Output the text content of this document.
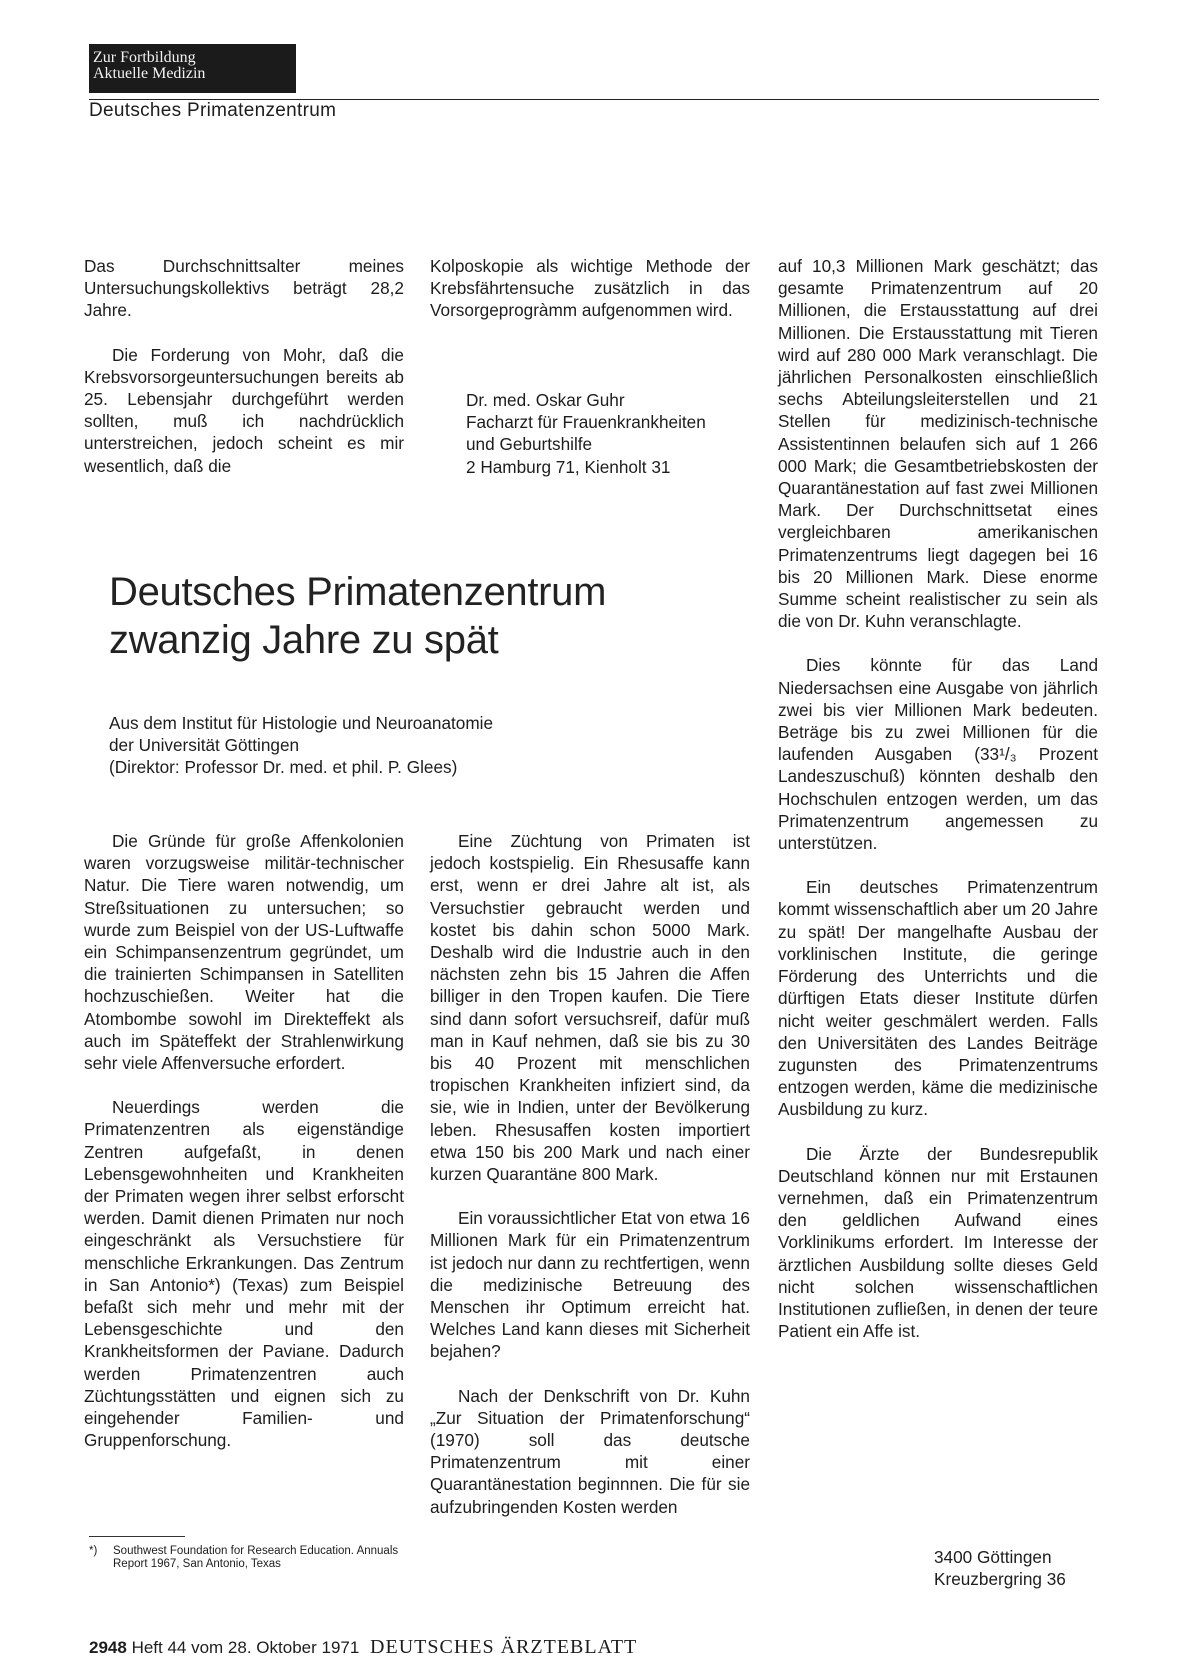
Zur Fortbildung
Aktuelle Medizin
Deutsches Primatenzentrum

Das Durchschnittsalter meines Untersuchungskollektivs beträgt 28,2 Jahre.

Die Forderung von Mohr, daß die Krebsvorsorgeuntersuchungen bereits ab 25. Lebensjahr durchgeführt werden sollten, muß ich nachdrücklich unterstreichen, jedoch scheint es mir wesentlich, daß die

Kolposkopie als wichtige Methode der Krebsfährtensuche zusätzlich in das Vorsorgeprogràmm aufgenommen wird.

Dr. med. Oskar Guhr
Facharzt für Frauenkrankheiten
und Geburtshilfe
2 Hamburg 71, Kienholt 31
Deutsches Primatenzentrum
zwanzig Jahre zu spät
Aus dem Institut für Histologie und Neuroanatomie
der Universität Göttingen
(Direktor: Professor Dr. med. et phil. P. Glees)

Die Gründe für große Affenkolonien waren vorzugsweise militär-technischer Natur. Die Tiere waren notwendig, um Streßsituationen zu untersuchen; so wurde zum Beispiel von der US-Luftwaffe ein Schimpansenzentrum gegründet, um die trainierten Schimpansen in Satelliten hochzuschießen. Weiter hat die Atombombe sowohl im Direkteffekt als auch im Späteffekt der Strahlenwirkung sehr viele Affenversuche erfordert.

Neuerdings werden die Primatenzentren als eigenständige Zentren aufgefaßt, in denen Lebensgewohnheiten und Krankheiten der Primaten wegen ihrer selbst erforscht werden. Damit dienen Primaten nur noch eingeschränkt als Versuchstiere für menschliche Erkrankungen. Das Zentrum in San Antonio*) (Texas) zum Beispiel befaßt sich mehr und mehr mit der Lebensgeschichte und den Krankheitsformen der Paviane. Dadurch werden Primatenzentren auch Züchtungsstätten und eignen sich zu eingehender Familien- und Gruppenforschung.

Eine Züchtung von Primaten ist jedoch kostspielig. Ein Rhesusaffe kann erst, wenn er drei Jahre alt ist, als Versuchstier gebraucht werden und kostet bis dahin schon 5000 Mark. Deshalb wird die Industrie auch in den nächsten zehn bis 15 Jahren die Affen billiger in den Tropen kaufen. Die Tiere sind dann sofort versuchsreif, dafür muß man in Kauf nehmen, daß sie bis zu 30 bis 40 Prozent mit menschlichen tropischen Krankheiten infiziert sind, da sie, wie in Indien, unter der Bevölkerung leben. Rhesusaffen kosten importiert etwa 150 bis 200 Mark und nach einer kurzen Quarantäne 800 Mark.

Ein voraussichtlicher Etat von etwa 16 Millionen Mark für ein Primatenzentrum ist jedoch nur dann zu rechtfertigen, wenn die medizinische Betreuung des Menschen ihr Optimum erreicht hat. Welches Land kann dieses mit Sicherheit bejahen?

Nach der Denkschrift von Dr. Kuhn „Zur Situation der Primatenforschung“ (1970) soll das deutsche Primatenzentrum mit einer Quarantänestation beginnnen. Die für sie aufzubringenden Kosten werden

auf 10,3 Millionen Mark geschätzt; das gesamte Primatenzentrum auf 20 Millionen, die Erstausstattung auf drei Millionen. Die Erstausstattung mit Tieren wird auf 280 000 Mark veranschlagt. Die jährlichen Personalkosten einschließlich sechs Abteilungsleiterstellen und 21 Stellen für medizinisch-technische Assistentinnen belaufen sich auf 1 266 000 Mark; die Gesamtbetriebskosten der Quarantänestation auf fast zwei Millionen Mark. Der Durchschnittsetat eines vergleichbaren amerikanischen Primatenzentrums liegt dagegen bei 16 bis 20 Millionen Mark. Diese enorme Summe scheint realistischer zu sein als die von Dr. Kuhn veranschlagte.

Dies könnte für das Land Niedersachsen eine Ausgabe von jährlich zwei bis vier Millionen Mark bedeuten. Beträge bis zu zwei Millionen für die laufenden Ausgaben (33¹/₃ Prozent Landeszuschuß) könnten deshalb den Hochschulen entzogen werden, um das Primatenzentrum angemessen zu unterstützen.

Ein deutsches Primatenzentrum kommt wissenschaftlich aber um 20 Jahre zu spät! Der mangelhafte Ausbau der vorklinischen Institute, die geringe Förderung des Unterrichts und die dürftigen Etats dieser Institute dürfen nicht weiter geschmälert werden. Falls den Universitäten des Landes Beiträge zugunsten des Primatenzentrums entzogen werden, käme die medizinische Ausbildung zu kurz.

Die Ärzte der Bundesrepublik Deutschland können nur mit Erstaunen vernehmen, daß ein Primatenzentrum den geldlichen Aufwand eines Vorklinikums erfordert. Im Interesse der ärztlichen Ausbildung sollte dieses Geld nicht solchen wissenschaftlichen Institutionen zufließen, in denen der teure Patient ein Affe ist.

3400 Göttingen
Kreuzbergring 36
*) Southwest Foundation for Research Education. Annuals Report 1967, San Antonio, Texas
2948 Heft 44 vom 28. Oktober 1971 DEUTSCHES ÄRZTEBLATT
